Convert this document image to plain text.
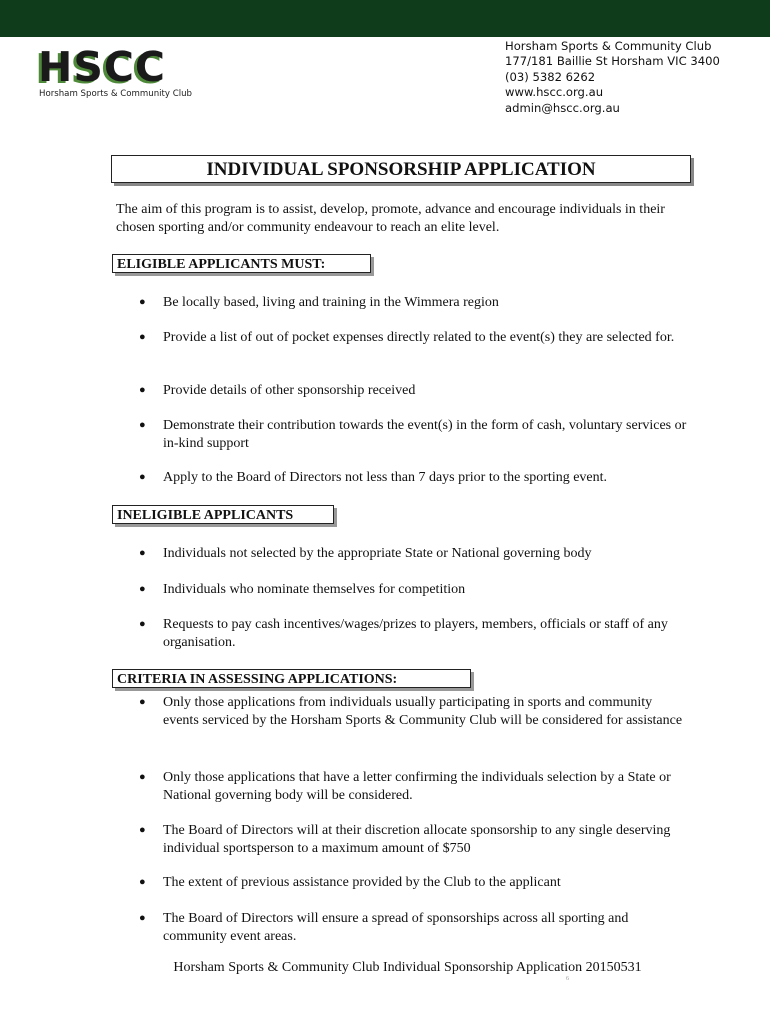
HSCC
Horsham Sports & Community Club
Horsham Sports & Community Club
177/181 Baillie St Horsham VIC 3400
(03) 5382 6262
www.hscc.org.au
admin@hscc.org.au
INDIVIDUAL SPONSORSHIP APPLICATION
The aim of this program is to assist, develop, promote, advance and encourage individuals in their chosen sporting and/or community endeavour to reach an elite level.
ELIGIBLE APPLICANTS MUST:
● Be locally based, living and training in the Wimmera region
● Provide a list of out of pocket expenses directly related to the event(s) they are selected for.
● Provide details of other sponsorship received
● Demonstrate their contribution towards the event(s) in the form of cash, voluntary services or in-kind support
● Apply to the Board of Directors not less than 7 days prior to the sporting event.
INELIGIBLE APPLICANTS
● Individuals not selected by the appropriate State or National governing body
● Individuals who nominate themselves for competition
● Requests to pay cash incentives/wages/prizes to players, members, officials or staff of any organisation.
CRITERIA IN ASSESSING APPLICATIONS:
● Only those applications from individuals usually participating in sports and community events serviced by the Horsham Sports & Community Club will be considered for assistance
● Only those applications that have a letter confirming the individuals selection by a State or National governing body will be considered.
● The Board of Directors will at their discretion allocate sponsorship to any single deserving individual sportsperson to a maximum amount of $750
● The extent of previous assistance provided by the Club to the applicant
● The Board of Directors will ensure a spread of sponsorships across all sporting and community event areas.
Horsham Sports & Community Club Individual Sponsorship Application 20150531
6
